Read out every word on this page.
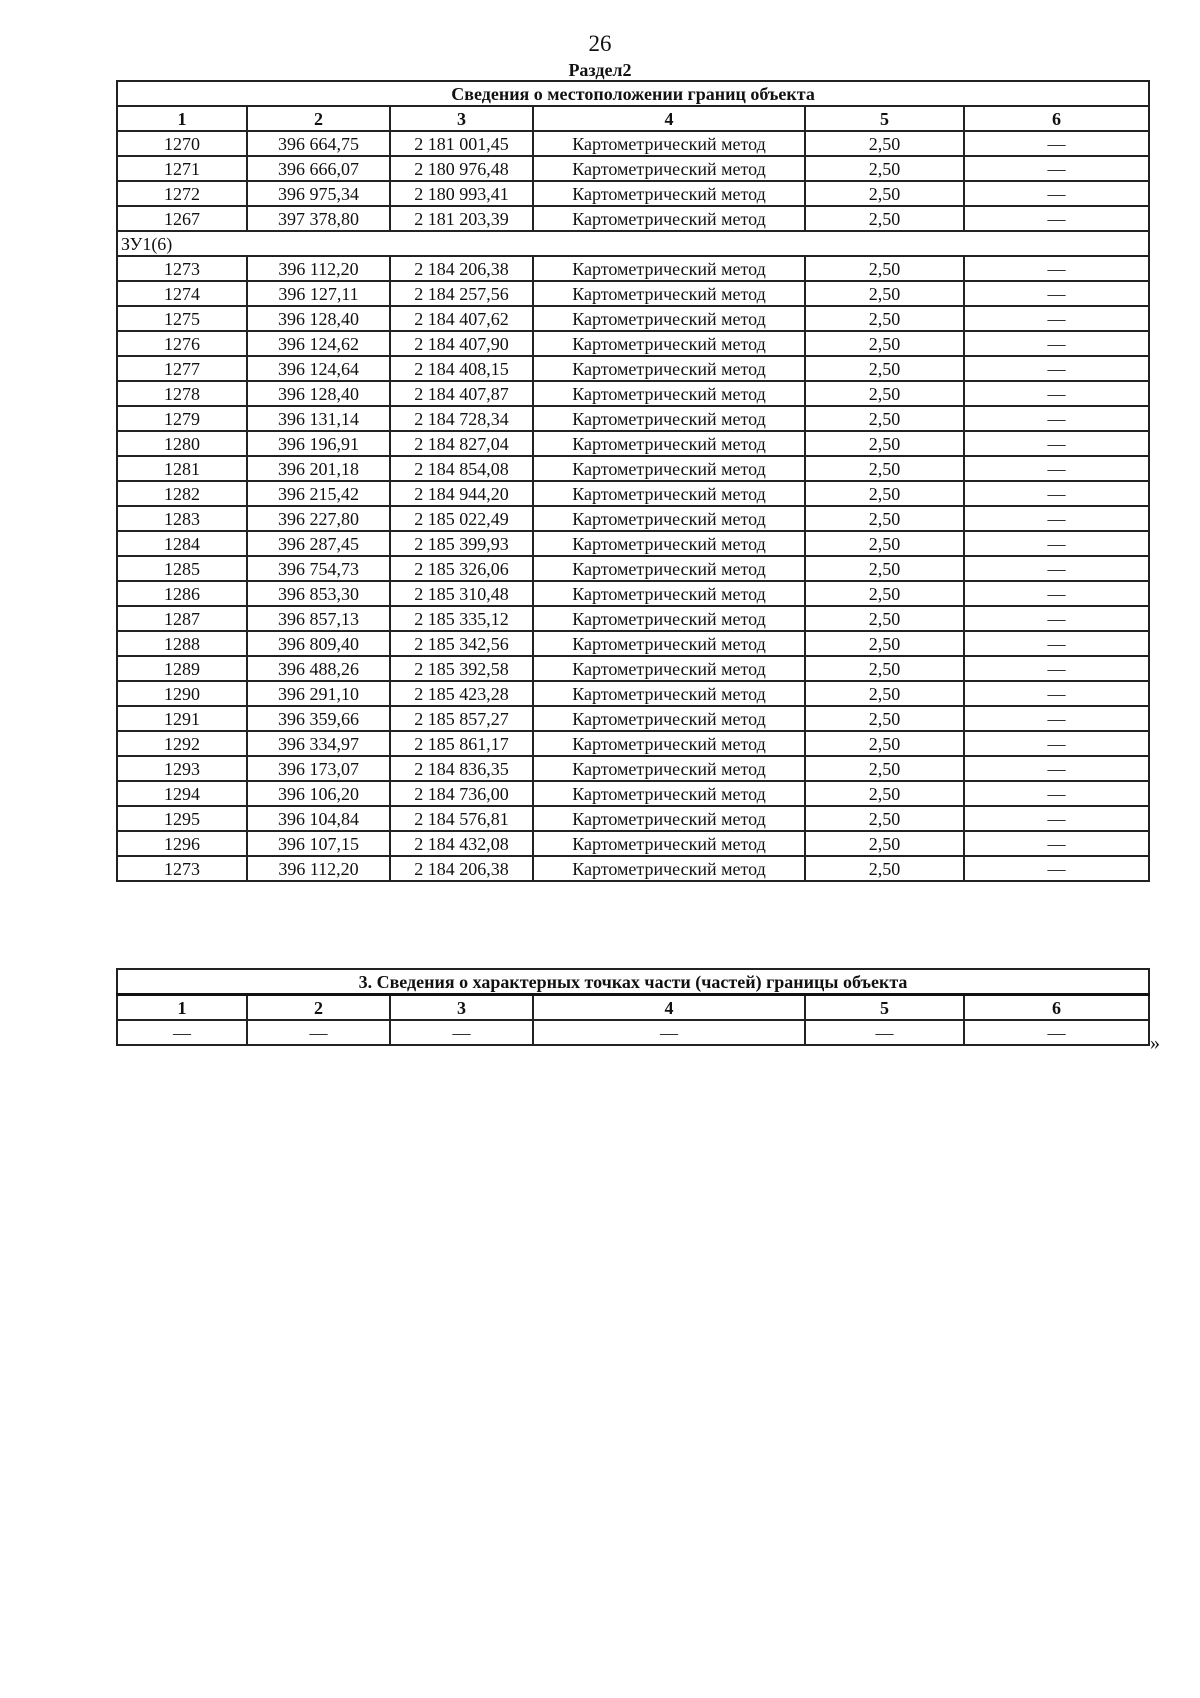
26
Раздел2
Сведения о местоположении границ объекта					
1	2	3	4	5	6
1270	396 664,75	2 181 001,45	Картометрический метод	2,50	—
1271	396 666,07	2 180 976,48	Картометрический метод	2,50	—
1272	396 975,34	2 180 993,41	Картометрический метод	2,50	—
1267	397 378,80	2 181 203,39	Картометрический метод	2,50	—
ЗУ1(6)					
1273	396 112,20	2 184 206,38	Картометрический метод	2,50	—
1274	396 127,11	2 184 257,56	Картометрический метод	2,50	—
1275	396 128,40	2 184 407,62	Картометрический метод	2,50	—
1276	396 124,62	2 184 407,90	Картометрический метод	2,50	—
1277	396 124,64	2 184 408,15	Картометрический метод	2,50	—
1278	396 128,40	2 184 407,87	Картометрический метод	2,50	—
1279	396 131,14	2 184 728,34	Картометрический метод	2,50	—
1280	396 196,91	2 184 827,04	Картометрический метод	2,50	—
1281	396 201,18	2 184 854,08	Картометрический метод	2,50	—
1282	396 215,42	2 184 944,20	Картометрический метод	2,50	—
1283	396 227,80	2 185 022,49	Картометрический метод	2,50	—
1284	396 287,45	2 185 399,93	Картометрический метод	2,50	—
1285	396 754,73	2 185 326,06	Картометрический метод	2,50	—
1286	396 853,30	2 185 310,48	Картометрический метод	2,50	—
1287	396 857,13	2 185 335,12	Картометрический метод	2,50	—
1288	396 809,40	2 185 342,56	Картометрический метод	2,50	—
1289	396 488,26	2 185 392,58	Картометрический метод	2,50	—
1290	396 291,10	2 185 423,28	Картометрический метод	2,50	—
1291	396 359,66	2 185 857,27	Картометрический метод	2,50	—
1292	396 334,97	2 185 861,17	Картометрический метод	2,50	—
1293	396 173,07	2 184 836,35	Картометрический метод	2,50	—
1294	396 106,20	2 184 736,00	Картометрический метод	2,50	—
1295	396 104,84	2 184 576,81	Картометрический метод	2,50	—
1296	396 107,15	2 184 432,08	Картометрический метод	2,50	—
1273	396 112,20	2 184 206,38	Картометрический метод	2,50	—
3. Сведения о характерных точках части (частей) границы объекта					
1	2	3	4	5	6
—	—	—	—	—	—	»
